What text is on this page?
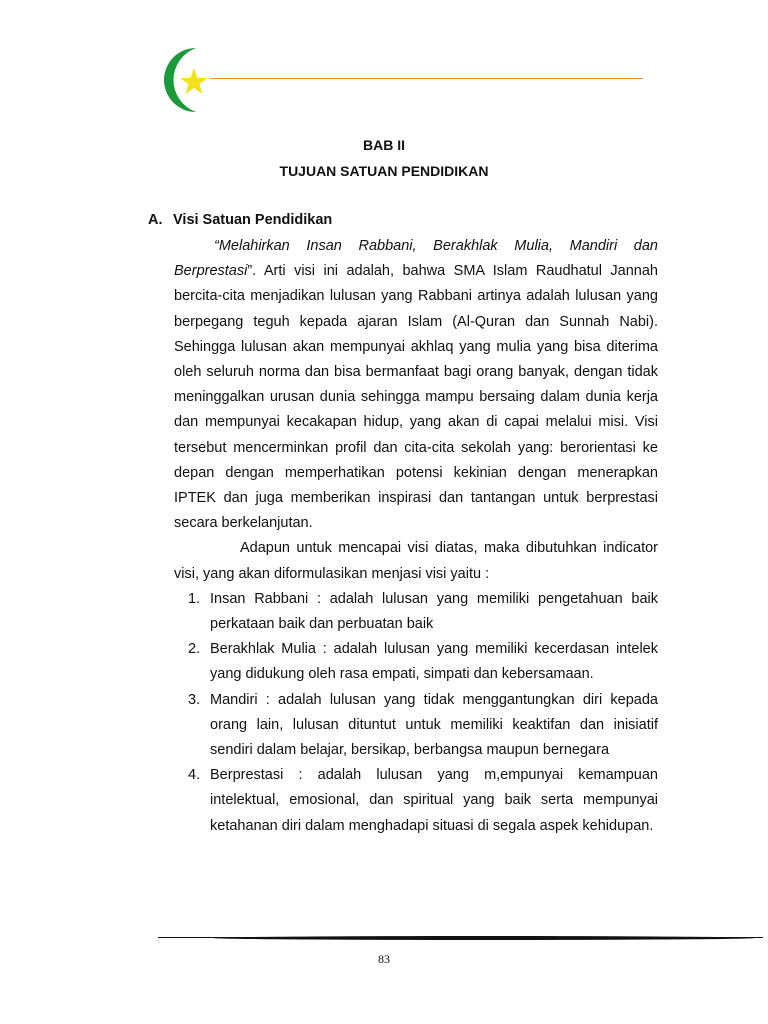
BAB II
TUJUAN SATUAN PENDIDIKAN
A. Visi Satuan Pendidikan

“Melahirkan Insan Rabbani, Berakhlak Mulia, Mandiri dan Berprestasi”. Arti visi ini adalah, bahwa SMA Islam Raudhatul Jannah bercita-cita menjadikan lulusan yang Rabbani artinya adalah lulusan yang berpegang teguh kepada ajaran Islam (Al-Quran dan Sunnah Nabi). Sehingga lulusan akan mempunyai akhlaq yang mulia yang bisa diterima oleh seluruh norma dan bisa bermanfaat bagi orang banyak, dengan tidak meninggalkan urusan dunia sehingga mampu bersaing dalam dunia kerja dan mempunyai kecakapan hidup, yang akan di capai melalui misi. Visi tersebut mencerminkan profil dan cita-cita sekolah yang: berorientasi ke depan dengan memperhatikan potensi kekinian dengan menerapkan IPTEK dan juga memberikan inspirasi dan tantangan untuk berprestasi secara berkelanjutan.

Adapun untuk mencapai visi diatas, maka dibutuhkan indicator visi, yang akan diformulasikan menjasi visi yaitu :

1. Insan Rabbani : adalah lulusan yang memiliki pengetahuan baik perkataan baik dan perbuatan baik
2. Berakhlak Mulia : adalah lulusan yang memiliki kecerdasan intelek yang didukung oleh rasa empati, simpati dan kebersamaan.
3. Mandiri : adalah lulusan yang tidak menggantungkan diri kepada orang lain, lulusan dituntut untuk memiliki keaktifan dan inisiatif sendiri dalam belajar, bersikap, berbangsa maupun bernegara
4. Berprestasi : adalah lulusan yang m,empunyai kemampuan intelektual, emosional, dan spiritual yang baik serta mempunyai ketahanan diri dalam menghadapi situasi di segala aspek kehidupan.
83
